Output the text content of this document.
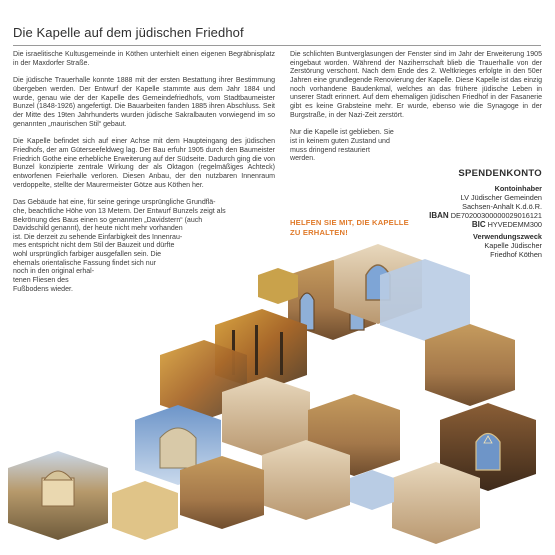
Die Kapelle auf dem jüdischen Friedhof

Die israelitische Kultusgemeinde in Köthen unterhielt einen eigenen Begräbnisplatz in der Maxdorfer Straße.

Die jüdische Trauerhalle konnte 1888 mit der ersten Bestattung ihrer Bestimmung übergeben werden. Der Entwurf der Kapelle stammte aus dem Jahr 1884 und wurde, genau wie der der Kapelle des Gemeindefriedhofs, vom Stadtbaumeister Bunzel (1848-1926) angefertigt. Die Bauarbeiten fanden 1885 ihren Abschluss. Seit der Mitte des 19ten Jahrhunderts wurden jüdische Sakralbauten vorwiegend im so genannten „maurischen Stil“ gebaut.

Die Kapelle befindet sich auf einer Achse mit dem Haupteingang des jüdischen Friedhofs, der am Güterseefeldweg lag. Der Bau erfuhr 1905 durch den Baumeister Friedrich Gothe eine erhebliche Erweiterung auf der Südseite. Dadurch ging die von Bunzel konzipierte zentrale Wirkung der als Oktagon (regelmäßiges Achteck) entworfenen Feierhalle verloren. Diesen Anbau, der den nutzbaren Innenraum verdoppelte, stellte der Maurermeister Götze aus Köthen her.

Das Gebäude hat eine, für seine geringe ursprüngliche Grundflä-
che, beachtliche Höhe von 13 Metern. Der Entwurf Bunzels zeigt als
Bekrönung des Baus einen so genannten „Davidstern“ (auch
Davidschild genannt), der heute nicht mehr vorhanden
ist. Die derzeit zu sehende Einfarbigkeit des Innenrau-
mes entspricht nicht dem Stil der Bauzeit und dürfte
wohl ursprünglich farbiger ausgefallen sein. Die
ehemals orientalische Fassung findet sich nur
noch in den original erhal-
tenen Fliesen des
Fußbodens wieder.

Die schlichten Buntverglasungen der Fenster sind im Jahr der Erweiterung 1905 eingebaut worden. Während der Naziherrschaft blieb die Trauerhalle von der Zerstörung verschont. Nach dem Ende des 2. Weltkrieges erfolgte in den 50er Jahren eine grundlegende Renovierung der Kapelle. Diese Kapelle ist das einzig noch vorhandene Baudenkmal, welches an das frühere jüdische Leben in unserer Stadt erinnert. Auf dem ehemaligen jüdischen Friedhof in der Fasanerie gibt es keine Grabsteine mehr. Er wurde, ebenso wie die Synagoge in der Burgstraße, in der Nazi-Zeit zerstört.

Nur die Kapelle ist geblieben. Sie ist in keinem guten Zustand und muss dringend restauriert werden.

HELFEN SIE MIT, DIE KAPELLE ZU ERHALTEN!
SPENDENKONTO
Kontoinhaber
LV Jüdischer Gemeinden
Sachsen-Anhalt K.d.ö.R.
IBAN DE70200300000029016121
BIC HYVEDEMM300
Verwendungszweck
Kapelle Jüdischer
Friedhof Köthen
